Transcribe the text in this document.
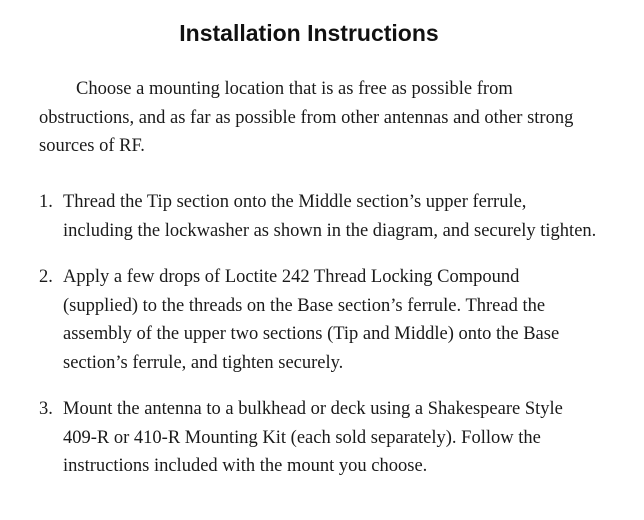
Installation Instructions

Choose a mounting location that is as free as possible from obstructions, and as far as possible from other antennas and other strong sources of RF.

1. Thread the Tip section onto the Middle section’s upper ferrule, including the lockwasher as shown in the diagram, and securely tighten.
2. Apply a few drops of Loctite 242 Thread Locking Compound (supplied) to the threads on the Base section’s ferrule. Thread the assembly of the upper two sections (Tip and Middle) onto the Base section’s ferrule, and tighten securely.
3. Mount the antenna to a bulkhead or deck using a Shakespeare Style 409-R or 410-R Mounting Kit (each sold separately). Follow the instructions included with the mount you choose.
